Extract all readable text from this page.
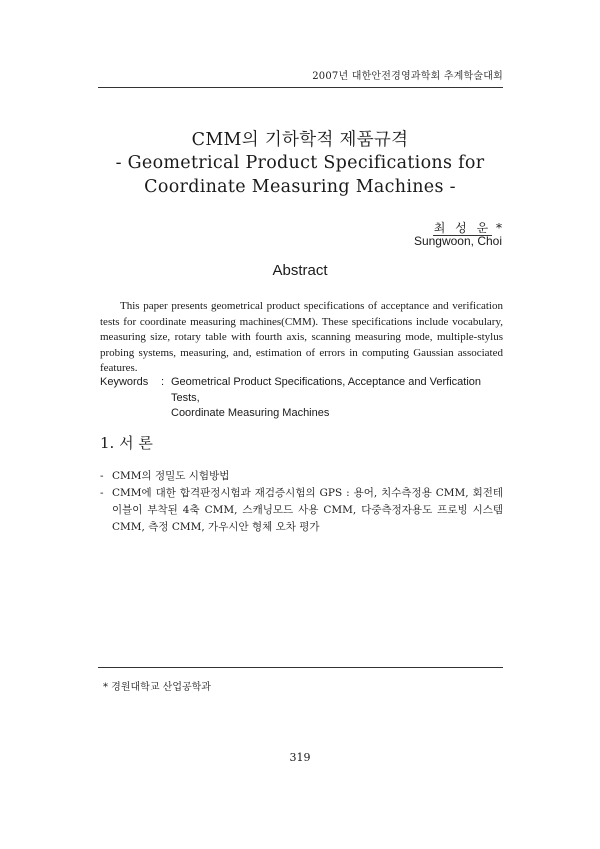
2007년 대한안전경영과학회 추계학술대회
CMM의 기하학적 제품규격
- Geometrical Product Specifications for
Coordinate Measuring Machines -
최 성 운 *
Sungwoon, Choi
Abstract

This paper presents geometrical product specifications of acceptance and verification tests for coordinate measuring machines(CMM). These specifications include vocabulary, measuring size, rotary table with fourth axis, scanning measuring mode, multiple-stylus probing systems, measuring, and, estimation of errors in computing Gaussian associated features.

Keywords	: Geometrical Product Specifications, Acceptance and Verfication Tests,
Coordinate Measuring Machines
1. 서 론
- CMM의 정밀도 시험방법
- CMM에 대한 합격판정시험과 재검증시험의 GPS : 용어, 치수측정용 CMM, 회전테이블이 부착된 4축 CMM, 스캐닝모드 사용 CMM, 다중측정자용도 프로빙 시스템 CMM, 측정 CMM, 가우시안 형체 오차 평가
* 경원대학교 산업공학과
319
